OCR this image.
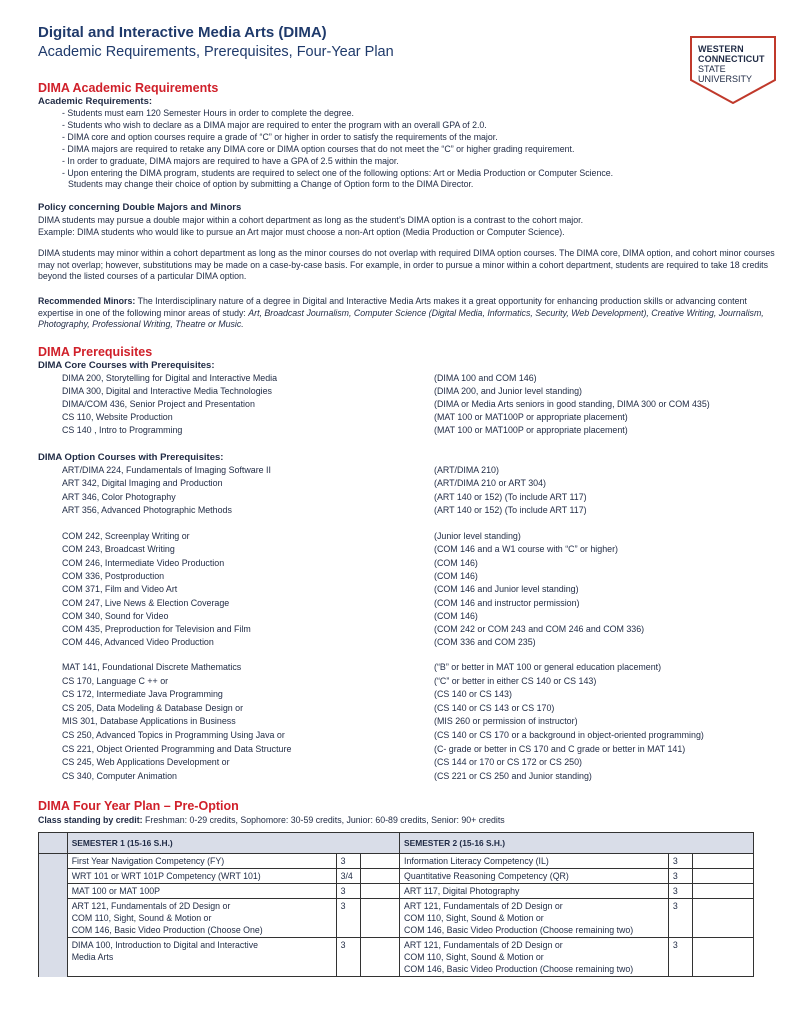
Digital and Interactive Media Arts (DIMA)
Academic Requirements, Prerequisites, Four-Year Plan	WESTERN
CONNECTICUT
STATE
UNIVERSITY
DIMA Academic Requirements
Academic Requirements:
- Students must earn 120 Semester Hours in order to complete the degree.
- Students who wish to declare as a DIMA major are required to enter the program with an overall GPA of 2.0.
- DIMA core and option courses require a grade of “C” or higher in order to satisfy the requirements of the major.
- DIMA majors are required to retake any DIMA core or DIMA option courses that do not meet the “C” or higher grading requirement.
- In order to graduate, DIMA majors are required to have a GPA of 2.5 within the major.
- Upon entering the DIMA program, students are required to select one of the following options: Art or Media Production or Computer Science.
Students may change their choice of option by submitting a Change of Option form to the DIMA Director.
Policy concerning Double Majors and Minors
DIMA students may pursue a double major within a cohort department as long as the student’s DIMA option is a contrast to the cohort major.
Example: DIMA students who would like to pursue an Art major must choose a non-Art option (Media Production or Computer Science).
DIMA students may minor within a cohort department as long as the minor courses do not overlap with required DIMA option courses. The DIMA core, DIMA option, and cohort minor courses may not overlap; however, substitutions may be made on a case-by-case basis. For example, in order to pursue a minor within a cohort department, students are required to take 18 credits beyond the listed courses of a particular DIMA option.
Recommended Minors: The Interdisciplinary nature of a degree in Digital and Interactive Media Arts makes it a great opportunity for enhancing production skills or advancing content expertise in one of the following minor areas of study: Art, Broadcast Journalism, Computer Science (Digital Media, Informatics, Security, Web Development), Creative Writing, Journalism, Photography, Professional Writing, Theatre or Music.
DIMA Prerequisites
DIMA Core Courses with Prerequisites:
DIMA 200, Storytelling for Digital and Interactive Media	(DIMA 100 and COM 146)
DIMA 300, Digital and Interactive Media Technologies	(DIMA 200, and Junior level standing)
DIMA/COM 436, Senior Project and Presentation	(DIMA or Media Arts seniors in good standing, DIMA 300 or COM 435)
CS 110, Website Production	(MAT 100 or MAT100P or appropriate placement)
CS 140 , Intro to Programming	(MAT 100 or MAT100P or appropriate placement)
DIMA Option Courses with Prerequisites:
ART/DIMA 224, Fundamentals of Imaging Software II	(ART/DIMA 210)
ART 342, Digital Imaging and Production	(ART/DIMA 210 or ART 304)
ART 346, Color Photography	(ART 140 or 152) (To include ART 117)
ART 356, Advanced Photographic Methods	(ART 140 or 152) (To include ART 117)
COM 242, Screenplay Writing or	(Junior level standing)
COM 243, Broadcast Writing	(COM 146 and a W1 course with “C” or higher)
COM 246, Intermediate Video Production	(COM 146)
COM 336, Postproduction	(COM 146)
COM 371, Film and Video Art	(COM 146 and Junior level standing)
COM 247, Live News & Election Coverage	(COM 146 and instructor permission)
COM 340, Sound for Video	(COM 146)
COM 435, Preproduction for Television and Film	(COM 242 or COM 243 and COM 246 and COM 336)
COM 446, Advanced Video Production	(COM 336 and COM 235)
MAT 141, Foundational Discrete Mathematics	(“B” or better in MAT 100 or general education placement)
CS 170, Language C ++ or	(“C” or better in either CS 140 or CS 143)
CS 172, Intermediate Java Programming	(CS 140 or CS 143)
CS 205, Data Modeling & Database Design or	(CS 140 or CS 143 or CS 170)
MIS 301, Database Applications in Business	(MIS 260 or permission of instructor)
CS 250, Advanced Topics in Programming Using Java or	(CS 140 or CS 170 or a background in object-oriented programming)
CS 221, Object Oriented Programming and Data Structure	(C- grade or better in CS 170 and C grade or better in MAT 141)
CS 245, Web Applications Development or	(CS 144 or 170 or CS 172 or CS 250)
CS 340, Computer Animation	(CS 221 or CS 250 and Junior standing)
DIMA Four Year Plan – Pre-Option
Class standing by credit: Freshman: 0-29 credits, Sophomore: 30-59 credits, Junior: 60-89 credits, Senior: 90+ credits
	SEMESTER 1 (15-16 S.H.)			SEMESTER 2 (15-16 S.H.)		
	First Year Navigation Competency (FY)	3		Information Literacy Competency (IL)	3	
	WRT 101 or WRT 101P Competency (WRT 101)	3/4		Quantitative Reasoning Competency (QR)	3	
	MAT 100 or MAT 100P	3		ART 117, Digital Photography	3	
	ART 121, Fundamentals of 2D Design or
COM 110, Sight, Sound & Motion or
COM 146, Basic Video Production (Choose One)	3		ART 121, Fundamentals of 2D Design or
COM 110, Sight, Sound & Motion or
COM 146, Basic Video Production (Choose remaining two)	3	
	DIMA 100, Introduction to Digital and Interactive
Media Arts	3		ART 121, Fundamentals of 2D Design or
COM 110, Sight, Sound & Motion or
COM 146, Basic Video Production (Choose remaining two)	3	
